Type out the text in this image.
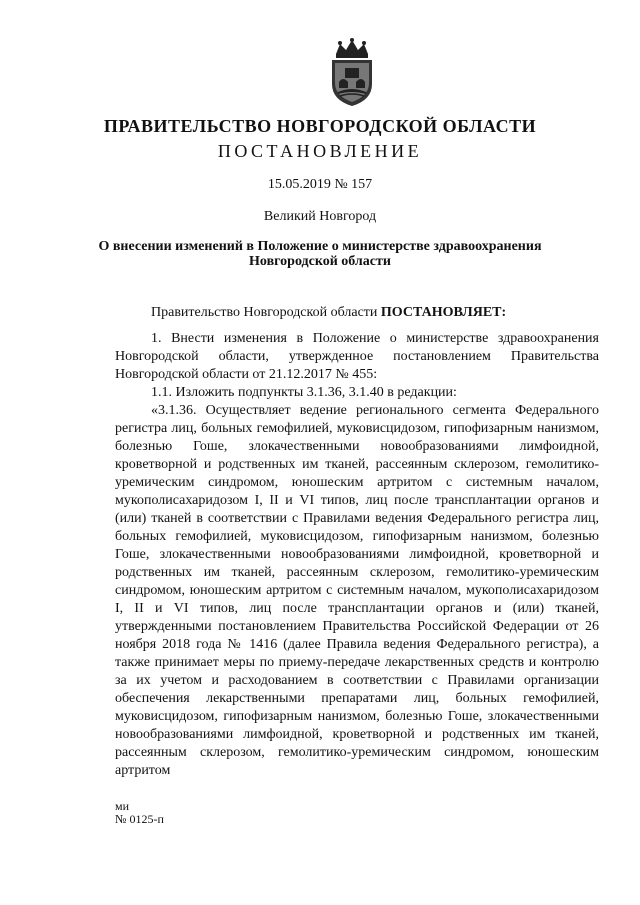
ПРАВИТЕЛЬСТВО НОВГОРОДСКОЙ ОБЛАСТИ
ПОСТАНОВЛЕНИЕ
15.05.2019 № 157
Великий Новгород
О внесении изменений в Положение о министерстве здравоохранения
Новгородской области

Правительство Новгородской области ПОСТАНОВЛЯЕТ:

1. Внести изменения в Положение о министерстве здравоохранения Новгородской области, утвержденное постановлением Правительства Новгородской области от 21.12.2017 № 455:

1.1. Изложить подпункты 3.1.36, 3.1.40 в редакции:

«3.1.36. Осуществляет ведение регионального сегмента Федерального регистра лиц, больных гемофилией, муковисцидозом, гипофизарным нанизмом, болезнью Гоше, злокачественными новообразованиями лимфоидной, кроветворной и родственных им тканей, рассеянным склерозом, гемолитико-уремическим синдромом, юношеским артритом с системным началом, мукополисахаридозом I, II и VI типов, лиц после трансплантации органов и (или) тканей в соответствии с Правилами ведения Федерального регистра лиц, больных гемофилией, муковисцидозом, гипофизарным нанизмом, болезнью Гоше, злокачественными новообразованиями лимфоидной, кроветворной и родственных им тканей, рассеянным склерозом, гемолитико-уремическим синдромом, юношеским артритом с системным началом, мукополисахаридозом I, II и VI типов, лиц после трансплантации органов и (или) тканей, утвержденными постановлением Правительства Российской Федерации от 26 ноября 2018 года № 1416 (далее Правила ведения Федерального регистра), а также принимает меры по приему-передаче лекарственных средств и контролю за их учетом и расходованием в соответствии с Правилами организации обеспечения лекарственными препаратами лиц, больных гемофилией, муковисцидозом, гипофизарным нанизмом, болезнью Гоше, злокачественными новообразованиями лимфоидной, кроветворной и родственных им тканей, рассеянным склерозом, гемолитико-уремическим синдромом, юношеским артритом

ми
№ 0125-п
